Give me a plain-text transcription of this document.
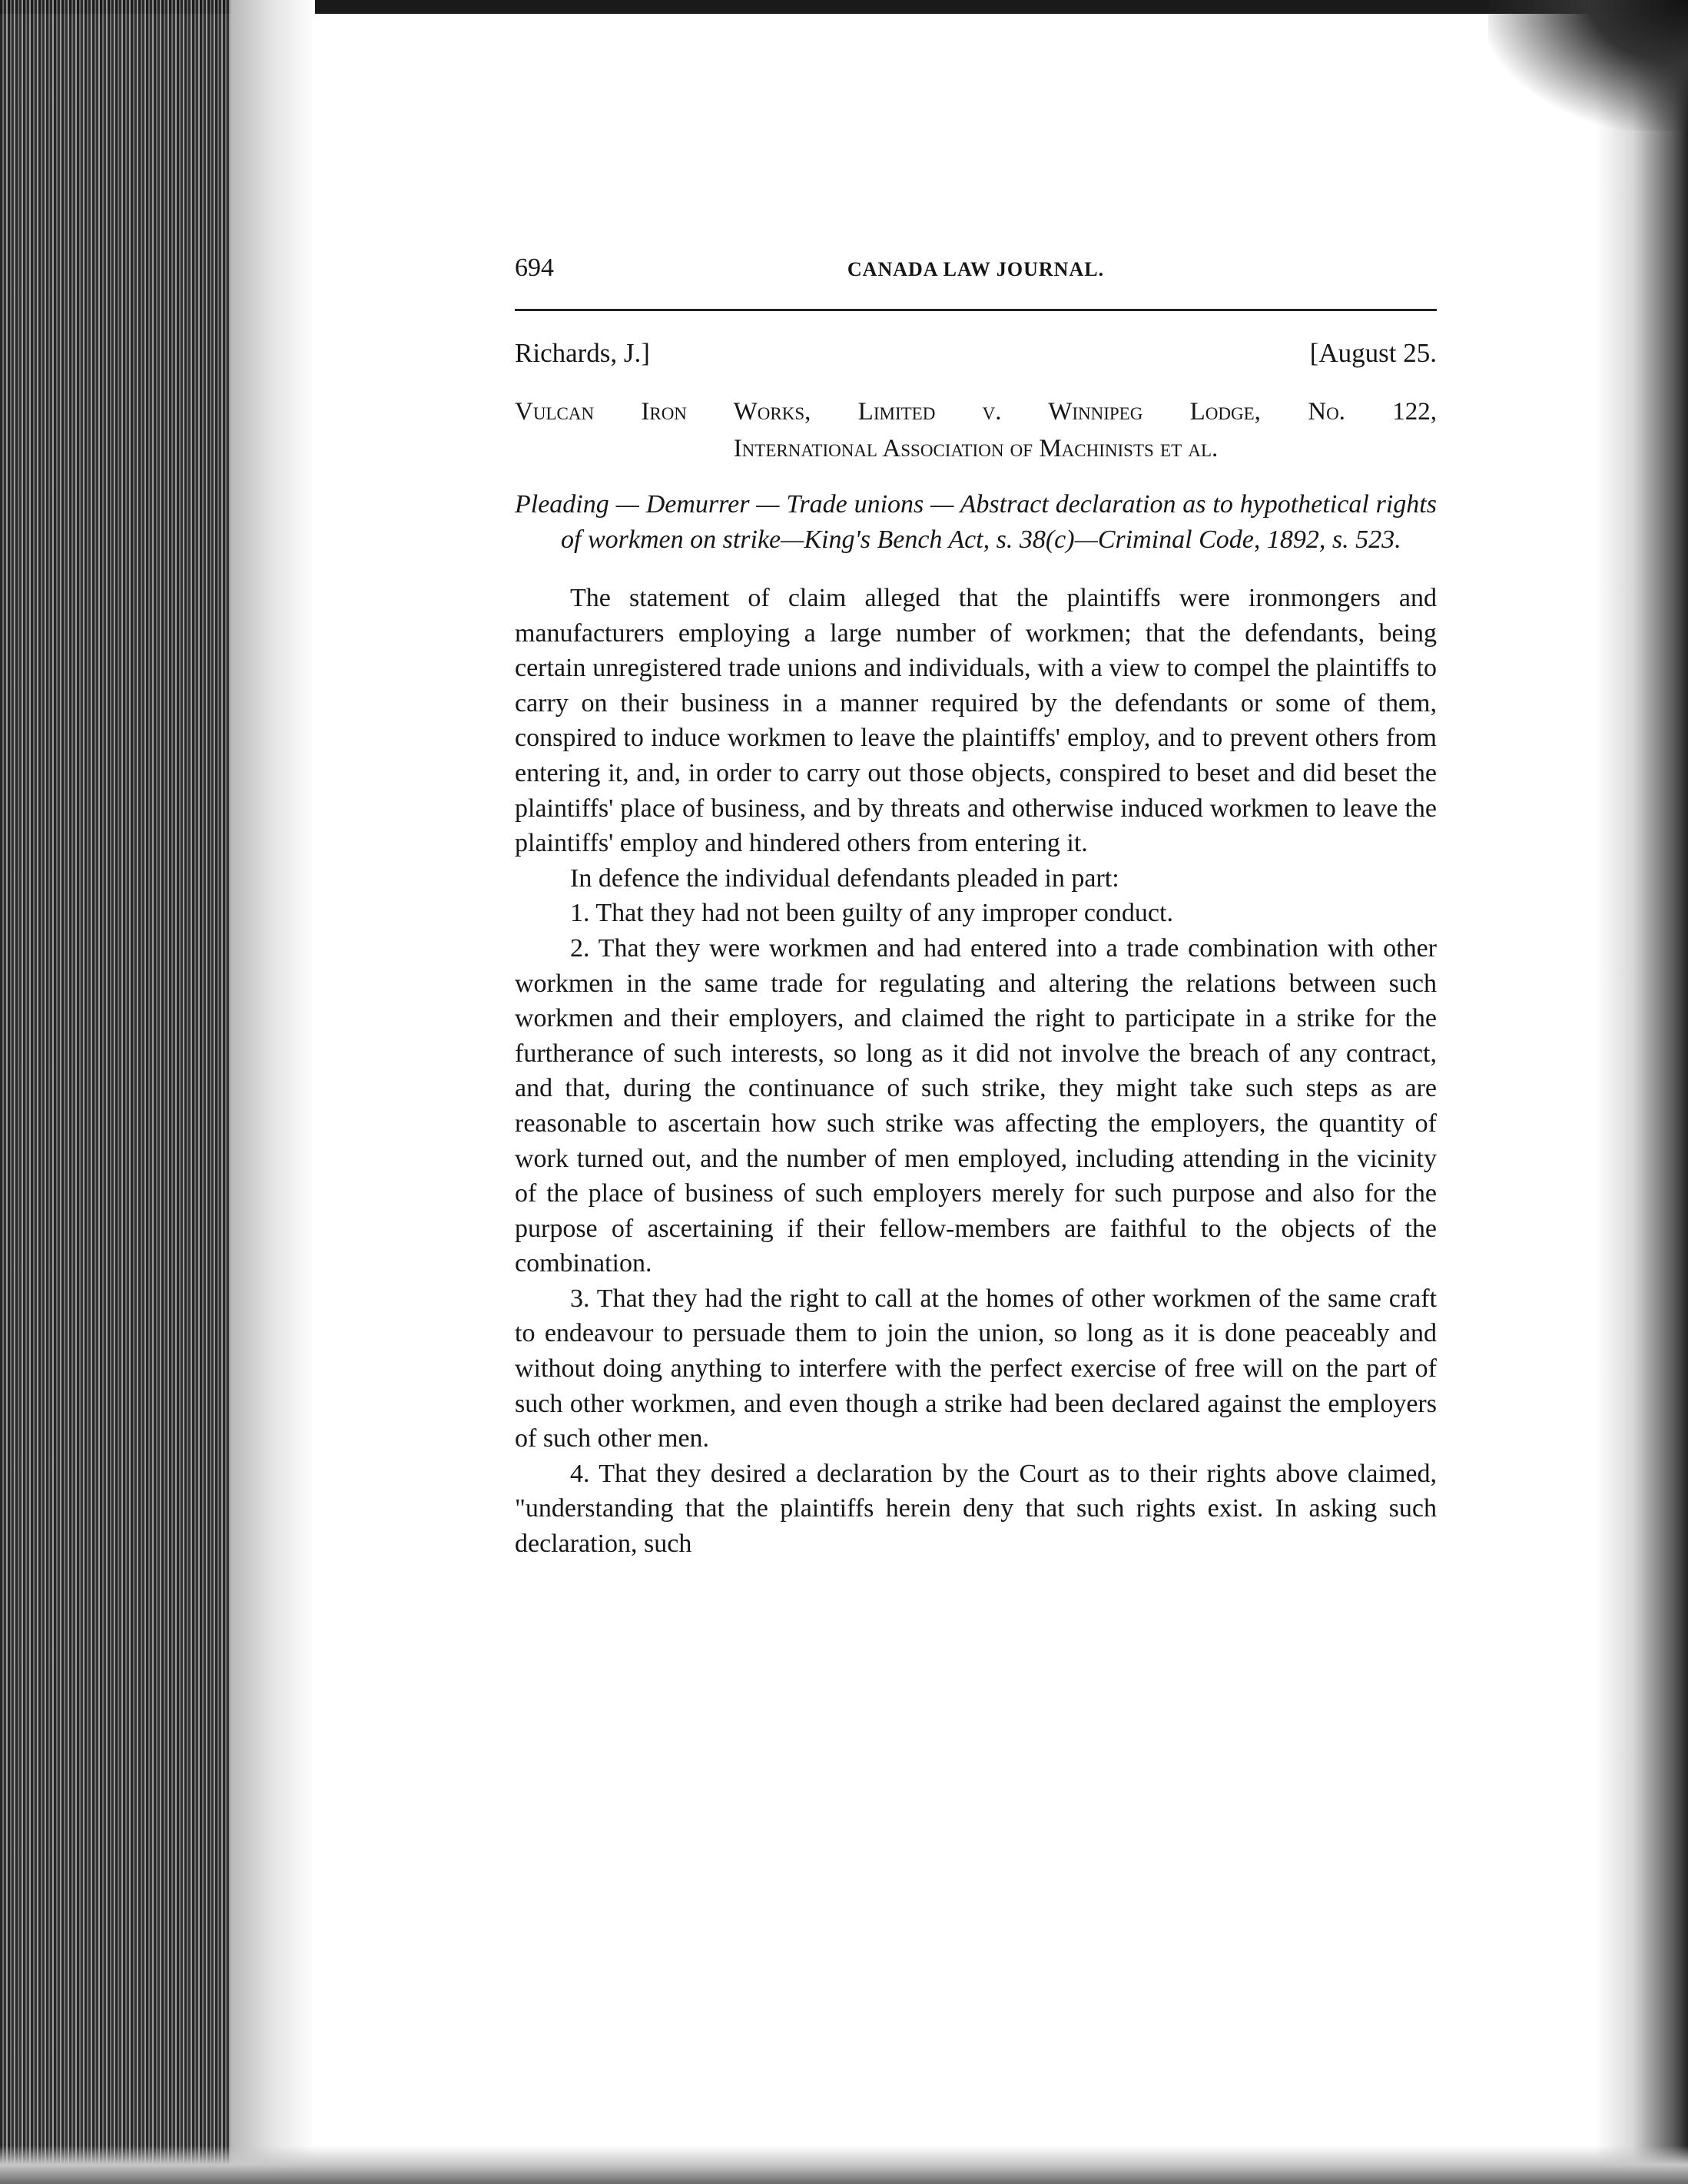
694	CANADA LAW JOURNAL.
Richards, J.]	[August 25.
Vulcan Iron Works, Limited v. Winnipeg Lodge, No. 122,
International Association of Machinists et al.
Pleading — Demurrer — Trade unions — Abstract declaration as to hypothetical rights of workmen on strike—King's Bench Act, s. 38(c)—Criminal Code, 1892, s. 523.

The statement of claim alleged that the plaintiffs were ironmongers and manufacturers employing a large number of workmen; that the defendants, being certain unregistered trade unions and individuals, with a view to compel the plaintiffs to carry on their business in a manner required by the defendants or some of them, conspired to induce workmen to leave the plaintiffs' employ, and to prevent others from entering it, and, in order to carry out those objects, conspired to beset and did beset the plaintiffs' place of business, and by threats and otherwise induced workmen to leave the plaintiffs' employ and hindered others from entering it.

In defence the individual defendants pleaded in part:

1. That they had not been guilty of any improper conduct.

2. That they were workmen and had entered into a trade combination with other workmen in the same trade for regulating and altering the relations between such workmen and their employers, and claimed the right to participate in a strike for the furtherance of such interests, so long as it did not involve the breach of any contract, and that, during the continuance of such strike, they might take such steps as are reasonable to ascertain how such strike was affecting the employers, the quantity of work turned out, and the number of men employed, including attending in the vicinity of the place of business of such employers merely for such purpose and also for the purpose of ascertaining if their fellow-members are faithful to the objects of the combination.

3. That they had the right to call at the homes of other workmen of the same craft to endeavour to persuade them to join the union, so long as it is done peaceably and without doing anything to interfere with the perfect exercise of free will on the part of such other workmen, and even though a strike had been declared against the employers of such other men.

4. That they desired a declaration by the Court as to their rights above claimed, "understanding that the plaintiffs herein deny that such rights exist. In asking such declaration, such
